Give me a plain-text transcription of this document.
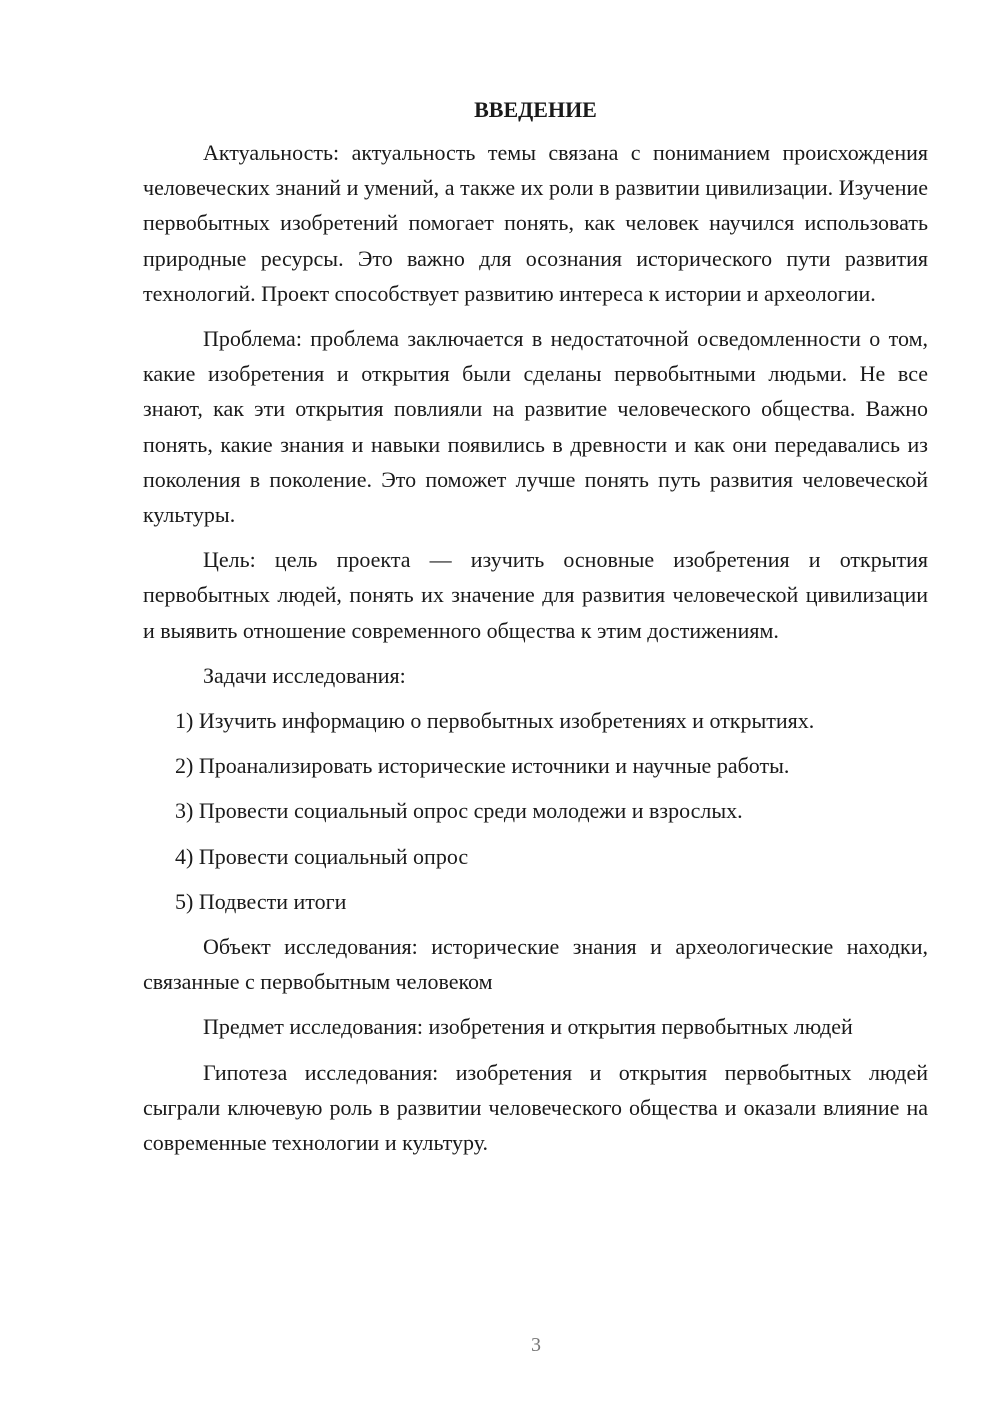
ВВЕДЕНИЕ

Актуальность: актуальность темы связана с пониманием происхождения человеческих знаний и умений, а также их роли в развитии цивилизации. Изучение первобытных изобретений помогает понять, как человек научился использовать природные ресурсы. Это важно для осознания исторического пути развития технологий. Проект способствует развитию интереса к истории и археологии.

Проблема: проблема заключается в недостаточной осведомленности о том, какие изобретения и открытия были сделаны первобытными людьми. Не все знают, как эти открытия повлияли на развитие человеческого общества. Важно понять, какие знания и навыки появились в древности и как они передавались из поколения в поколение. Это поможет лучше понять путь развития человеческой культуры.

Цель: цель проекта — изучить основные изобретения и открытия первобытных людей, понять их значение для развития человеческой цивилизации и выявить отношение современного общества к этим достижениям.

Задачи исследования:

1) Изучить информацию о первобытных изобретениях и открытиях.
2) Проанализировать исторические источники и научные работы.
3) Провести социальный опрос среди молодежи и взрослых.
4) Провести социальный опрос
5) Подвести итоги

Объект исследования: исторические знания и археологические находки, связанные с первобытным человеком

Предмет исследования: изобретения и открытия первобытных людей

Гипотеза исследования: изобретения и открытия первобытных людей сыграли ключевую роль в развитии человеческого общества и оказали влияние на современные технологии и культуру.

3
